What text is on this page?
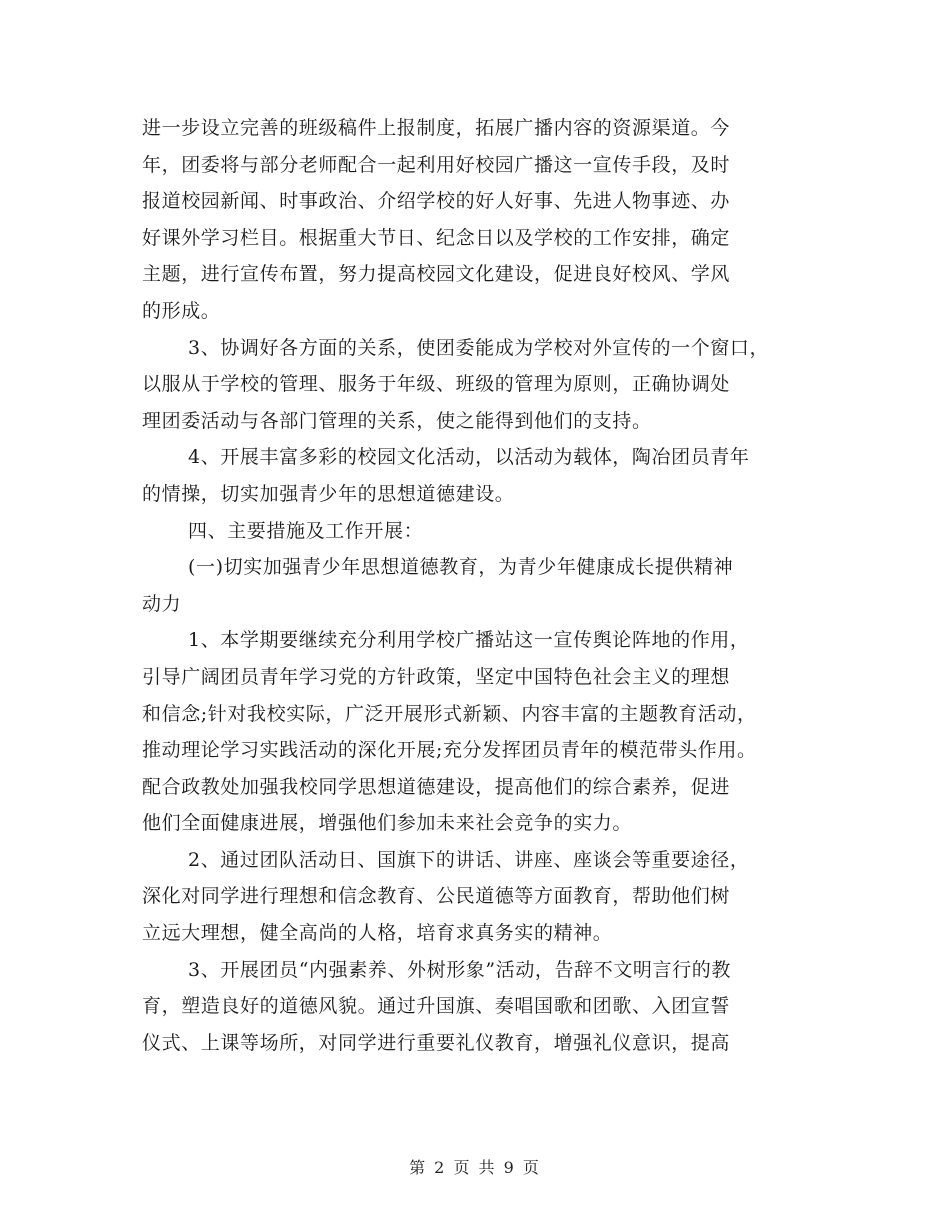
进一步设立完善的班级稿件上报制度，拓展广播内容的资源渠道。今
年，团委将与部分老师配合一起利用好校园广播这一宣传手段，及时
报道校园新闻、时事政治、介绍学校的好人好事、先进人物事迹、办
好课外学习栏目。根据重大节日、纪念日以及学校的工作安排，确定
主题，进行宣传布置，努力提高校园文化建设，促进良好校风、学风
的形成。
3、协调好各方面的关系，使团委能成为学校对外宣传的一个窗口，
以服从于学校的管理、服务于年级、班级的管理为原则，正确协调处
理团委活动与各部门管理的关系，使之能得到他们的支持。
4、开展丰富多彩的校园文化活动，以活动为载体，陶冶团员青年
的情操，切实加强青少年的思想道德建设。
四、主要措施及工作开展：
(一)切实加强青少年思想道德教育，为青少年健康成长提供精神
动力
1、本学期要继续充分利用学校广播站这一宣传舆论阵地的作用，
引导广阔团员青年学习党的方针政策，坚定中国特色社会主义的理想
和信念;针对我校实际，广泛开展形式新颖、内容丰富的主题教育活动，
推动理论学习实践活动的深化开展;充分发挥团员青年的模范带头作用。
配合政教处加强我校同学思想道德建设，提高他们的综合素养，促进
他们全面健康进展，增强他们参加未来社会竞争的实力。
2、通过团队活动日、国旗下的讲话、讲座、座谈会等重要途径，
深化对同学进行理想和信念教育、公民道德等方面教育，帮助他们树
立远大理想，健全高尚的人格，培育求真务实的精神。
3、开展团员“内强素养、外树形象”活动，告辞不文明言行的教
育，塑造良好的道德风貌。通过升国旗、奏唱国歌和团歌、入团宣誓
仪式、上课等场所，对同学进行重要礼仪教育，增强礼仪意识，提高
第 2 页 共 9 页
